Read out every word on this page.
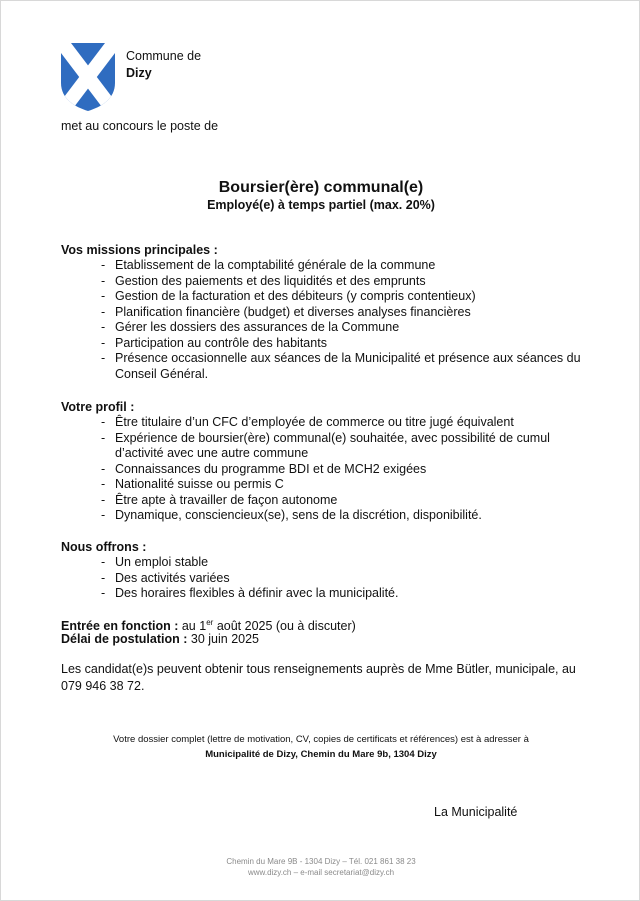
Commune de
Dizy
met au concours le poste de
Boursier(ère) communal(e)
Employé(e) à temps partiel (max. 20%)
Vos missions principales :
- Etablissement de la comptabilité générale de la commune
- Gestion des paiements et des liquidités et des emprunts
- Gestion de la facturation et des débiteurs (y compris contentieux)
- Planification financière (budget) et diverses analyses financières
- Gérer les dossiers des assurances de la Commune
- Participation au contrôle des habitants
- Présence occasionnelle aux séances de la Municipalité et présence aux séances du Conseil Général.
Votre profil :
- Être titulaire d’un CFC d’employée de commerce ou titre jugé équivalent
- Expérience de boursier(ère) communal(e) souhaitée, avec possibilité de cumul d’activité avec une autre commune
- Connaissances du programme BDI et de MCH2 exigées
- Nationalité suisse ou permis C
- Être apte à travailler de façon autonome
- Dynamique, consciencieux(se), sens de la discrétion, disponibilité.
Nous offrons :
- Un emploi stable
- Des activités variées
- Des horaires flexibles à définir avec la municipalité.
Entrée en fonction : au 1er août 2025 (ou à discuter)
Délai de postulation : 30 juin 2025
Les candidat(e)s peuvent obtenir tous renseignements auprès de Mme Bütler, municipale, au 079 946 38 72.
Votre dossier complet (lettre de motivation, CV, copies de certificats et références) est à adresser à
Municipalité de Dizy, Chemin du Mare 9b, 1304 Dizy
La Municipalité
Chemin du Mare 9B - 1304 Dizy – Tél. 021 861 38 23
www.dizy.ch – e-mail secretariat@dizy.ch
